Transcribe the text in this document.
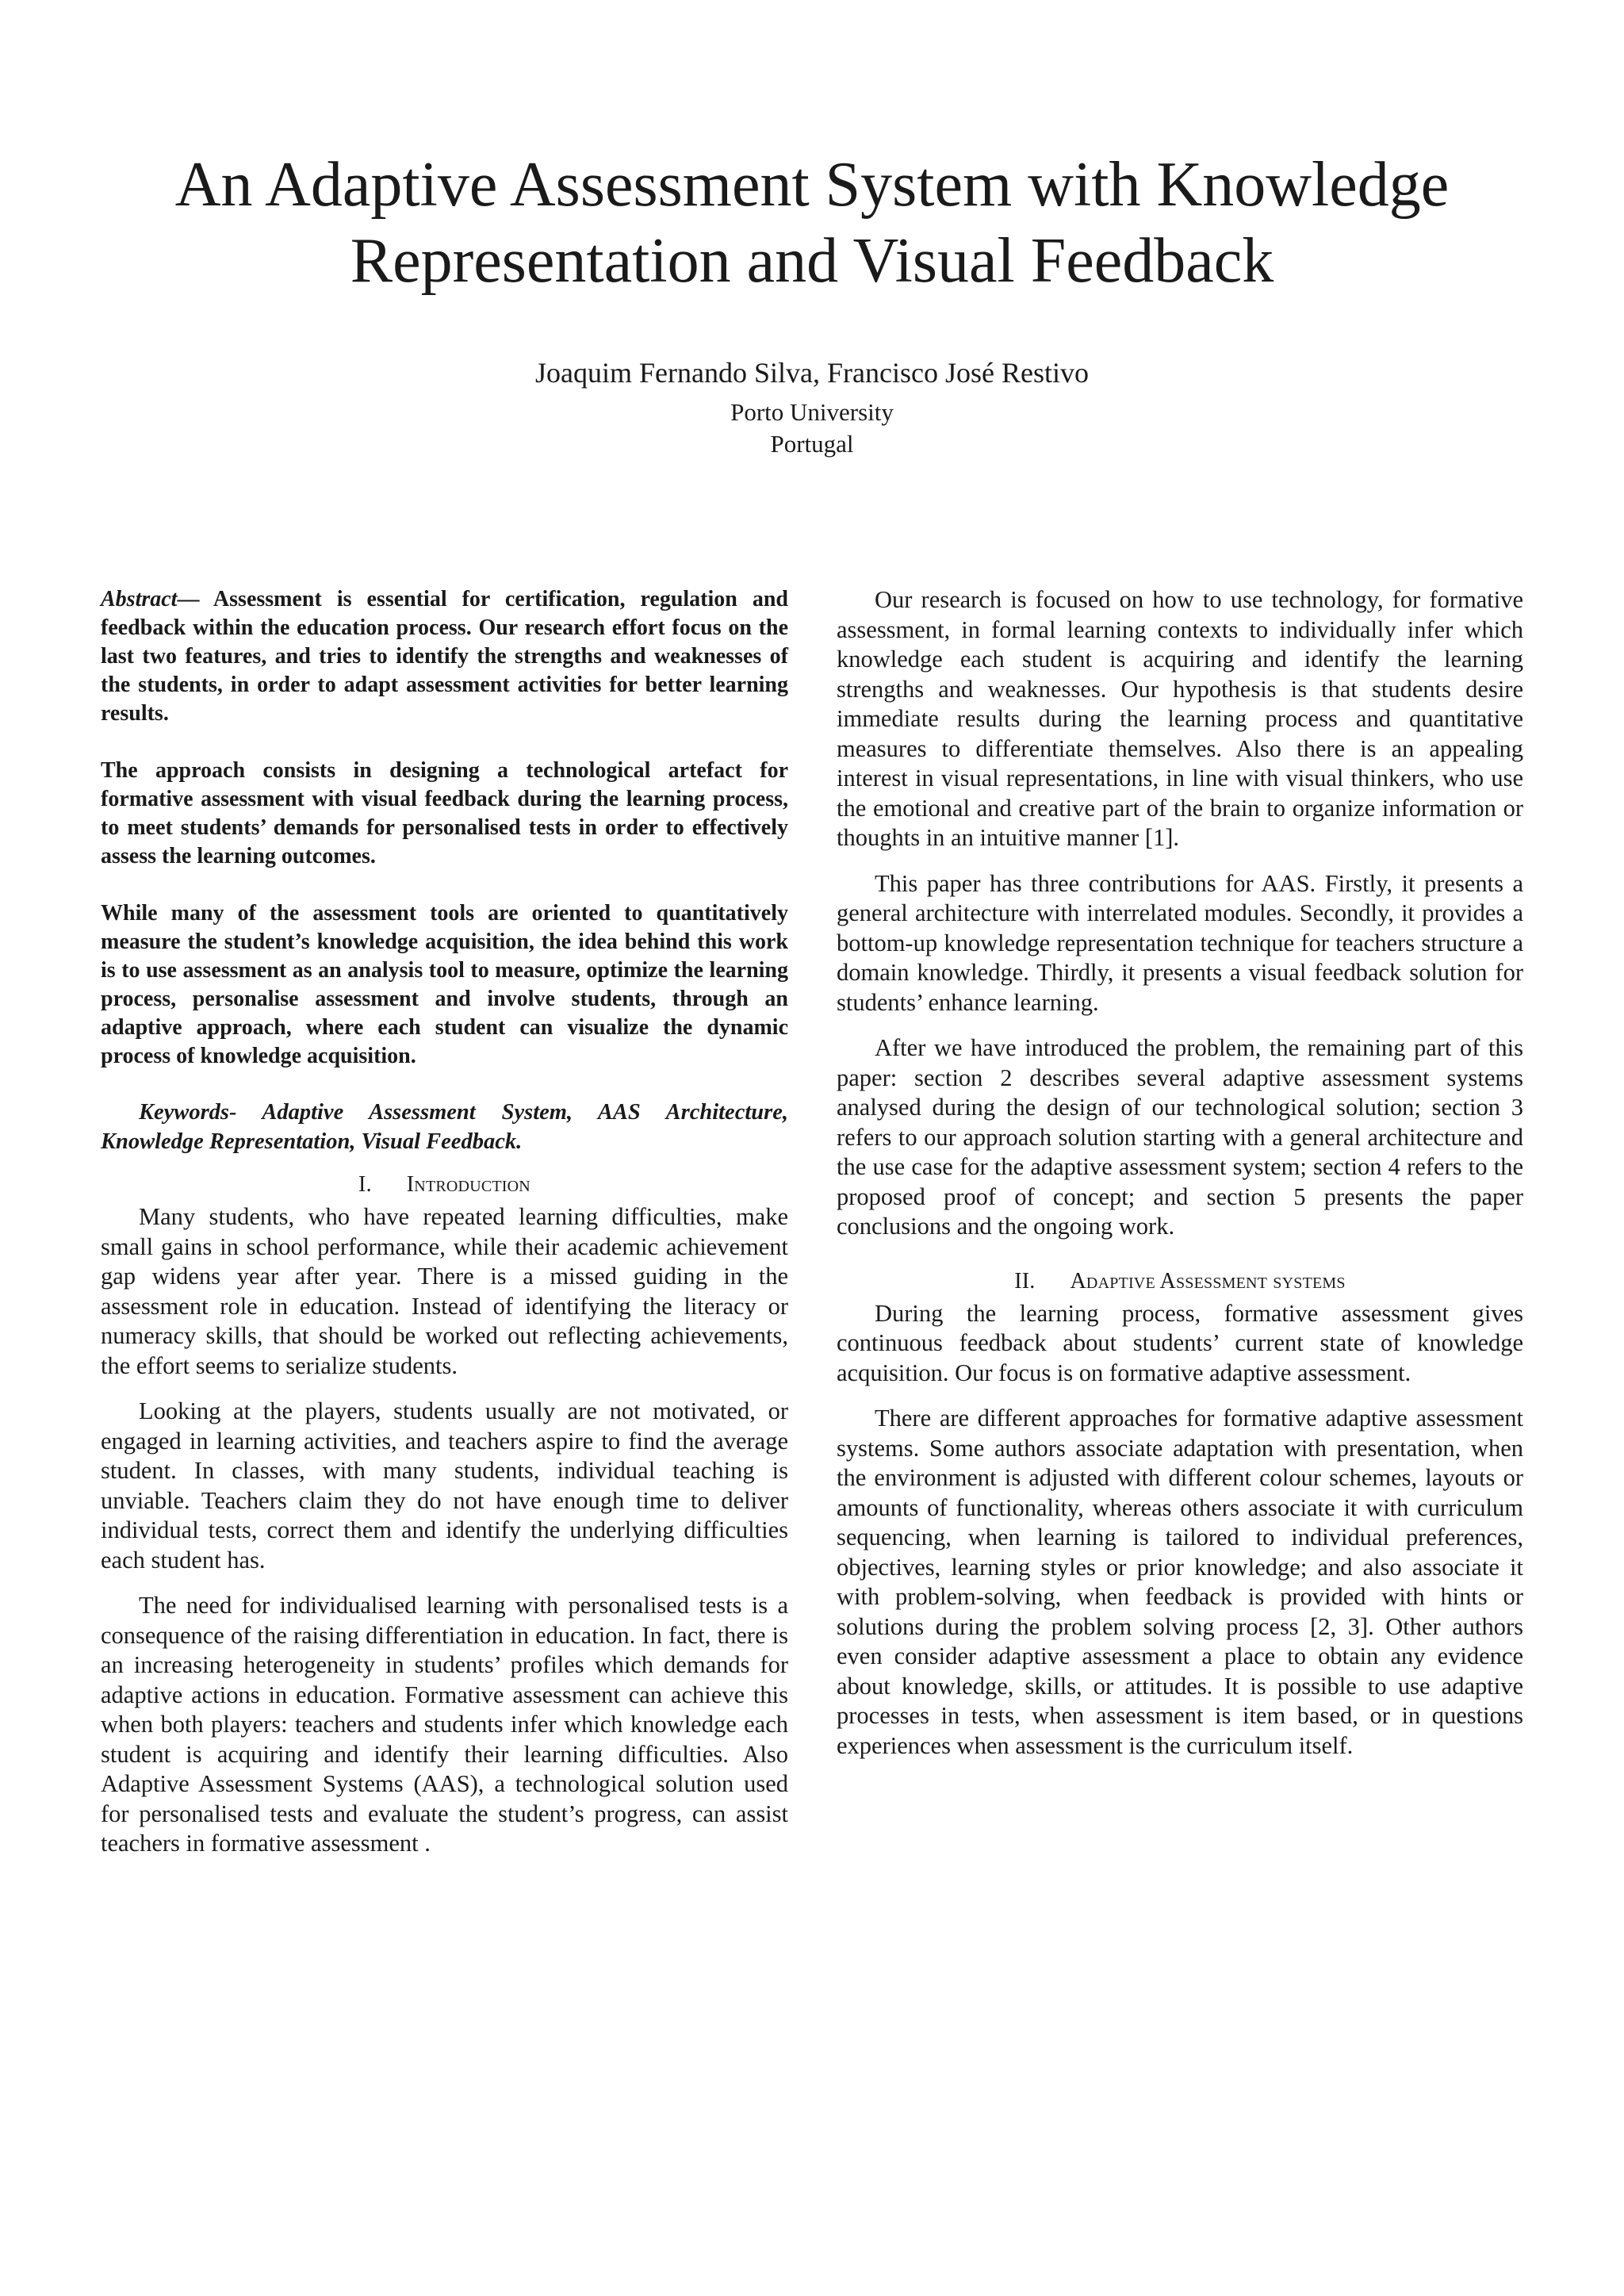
An Adaptive Assessment System with Knowledge
Representation and Visual Feedback
Joaquim Fernando Silva, Francisco José Restivo
Porto University
Portugal

Abstract— Assessment is essential for certification, regulation and feedback within the education process. Our research effort focus on the last two features, and tries to identify the strengths and weaknesses of the students, in order to adapt assessment activities for better learning results.

The approach consists in designing a technological artefact for formative assessment with visual feedback during the learning process, to meet students’ demands for personalised tests in order to effectively assess the learning outcomes.

While many of the assessment tools are oriented to quantitatively measure the student’s knowledge acquisition, the idea behind this work is to use assessment as an analysis tool to measure, optimize the learning process, personalise assessment and involve students, through an adaptive approach, where each student can visualize the dynamic process of knowledge acquisition.

Keywords- Adaptive Assessment System, AAS Architecture, Knowledge Representation, Visual Feedback.

I. Introduction

Many students, who have repeated learning difficulties, make small gains in school performance, while their academic achievement gap widens year after year. There is a missed guiding in the assessment role in education. Instead of identifying the literacy or numeracy skills, that should be worked out reflecting achievements, the effort seems to serialize students.

Looking at the players, students usually are not motivated, or engaged in learning activities, and teachers aspire to find the average student. In classes, with many students, individual teaching is unviable. Teachers claim they do not have enough time to deliver individual tests, correct them and identify the underlying difficulties each student has.

The need for individualised learning with personalised tests is a consequence of the raising differentiation in education. In fact, there is an increasing heterogeneity in students’ profiles which demands for adaptive actions in education. Formative assessment can achieve this when both players: teachers and students infer which knowledge each student is acquiring and identify their learning difficulties. Also Adaptive Assessment Systems (AAS), a technological solution used for personalised tests and evaluate the student’s progress, can assist teachers in formative assessment .

Our research is focused on how to use technology, for formative assessment, in formal learning contexts to individually infer which knowledge each student is acquiring and identify the learning strengths and weaknesses. Our hypothesis is that students desire immediate results during the learning process and quantitative measures to differentiate themselves. Also there is an appealing interest in visual representations, in line with visual thinkers, who use the emotional and creative part of the brain to organize information or thoughts in an intuitive manner [1].

This paper has three contributions for AAS. Firstly, it presents a general architecture with interrelated modules. Secondly, it provides a bottom-up knowledge representation technique for teachers structure a domain knowledge. Thirdly, it presents a visual feedback solution for students’ enhance learning.

After we have introduced the problem, the remaining part of this paper: section 2 describes several adaptive assessment systems analysed during the design of our technological solution; section 3 refers to our approach solution starting with a general architecture and the use case for the adaptive assessment system; section 4 refers to the proposed proof of concept; and section 5 presents the paper conclusions and the ongoing work.

II. Adaptive Assessment systems

During the learning process, formative assessment gives continuous feedback about students’ current state of knowledge acquisition. Our focus is on formative adaptive assessment.

There are different approaches for formative adaptive assessment systems. Some authors associate adaptation with presentation, when the environment is adjusted with different colour schemes, layouts or amounts of functionality, whereas others associate it with curriculum sequencing, when learning is tailored to individual preferences, objectives, learning styles or prior knowledge; and also associate it with problem-solving, when feedback is provided with hints or solutions during the problem solving process [2, 3]. Other authors even consider adaptive assessment a place to obtain any evidence about knowledge, skills, or attitudes. It is possible to use adaptive processes in tests, when assessment is item based, or in questions experiences when assessment is the curriculum itself.
